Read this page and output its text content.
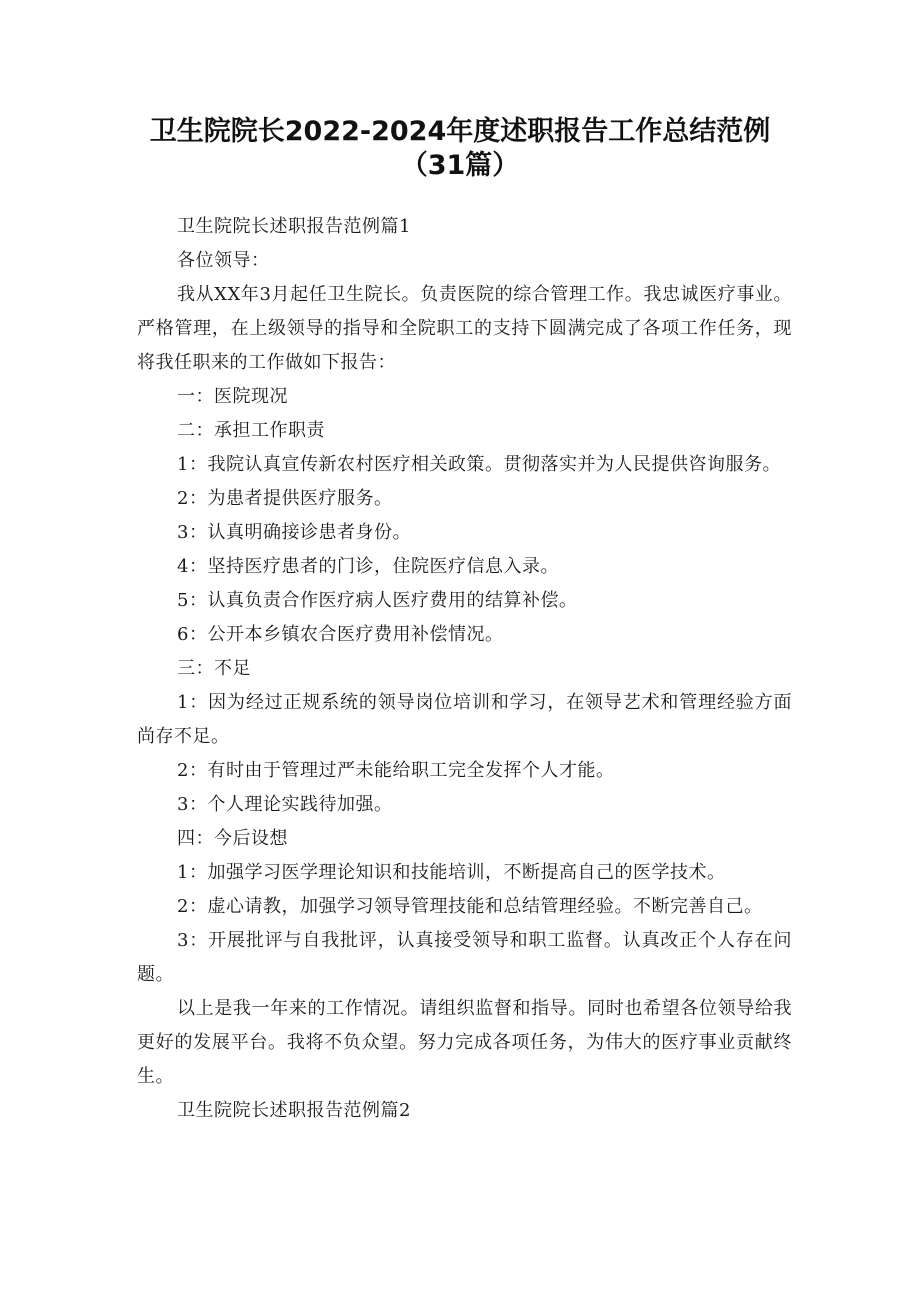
卫生院院长2022-2024年度述职报告工作总结范例
（31篇）

卫生院院长述职报告范例篇1

各位领导：

我从XX年3月起任卫生院长。负责医院的综合管理工作。我忠诚医疗事业。严格管理，在上级领导的指导和全院职工的支持下圆满完成了各项工作任务，现将我任职来的工作做如下报告：

一：医院现况

二：承担工作职责

1：我院认真宣传新农村医疗相关政策。贯彻落实并为人民提供咨询服务。

2：为患者提供医疗服务。

3：认真明确接诊患者身份。

4：坚持医疗患者的门诊，住院医疗信息入录。

5：认真负责合作医疗病人医疗费用的结算补偿。

6：公开本乡镇农合医疗费用补偿情况。

三：不足

1：因为经过正规系统的领导岗位培训和学习，在领导艺术和管理经验方面尚存不足。

2：有时由于管理过严未能给职工完全发挥个人才能。

3：个人理论实践待加强。

四：今后设想

1：加强学习医学理论知识和技能培训，不断提高自己的医学技术。

2：虚心请教，加强学习领导管理技能和总结管理经验。不断完善自己。

3：开展批评与自我批评，认真接受领导和职工监督。认真改正个人存在问题。

以上是我一年来的工作情况。请组织监督和指导。同时也希望各位领导给我更好的发展平台。我将不负众望。努力完成各项任务，为伟大的医疗事业贡献终生。

卫生院院长述职报告范例篇2
